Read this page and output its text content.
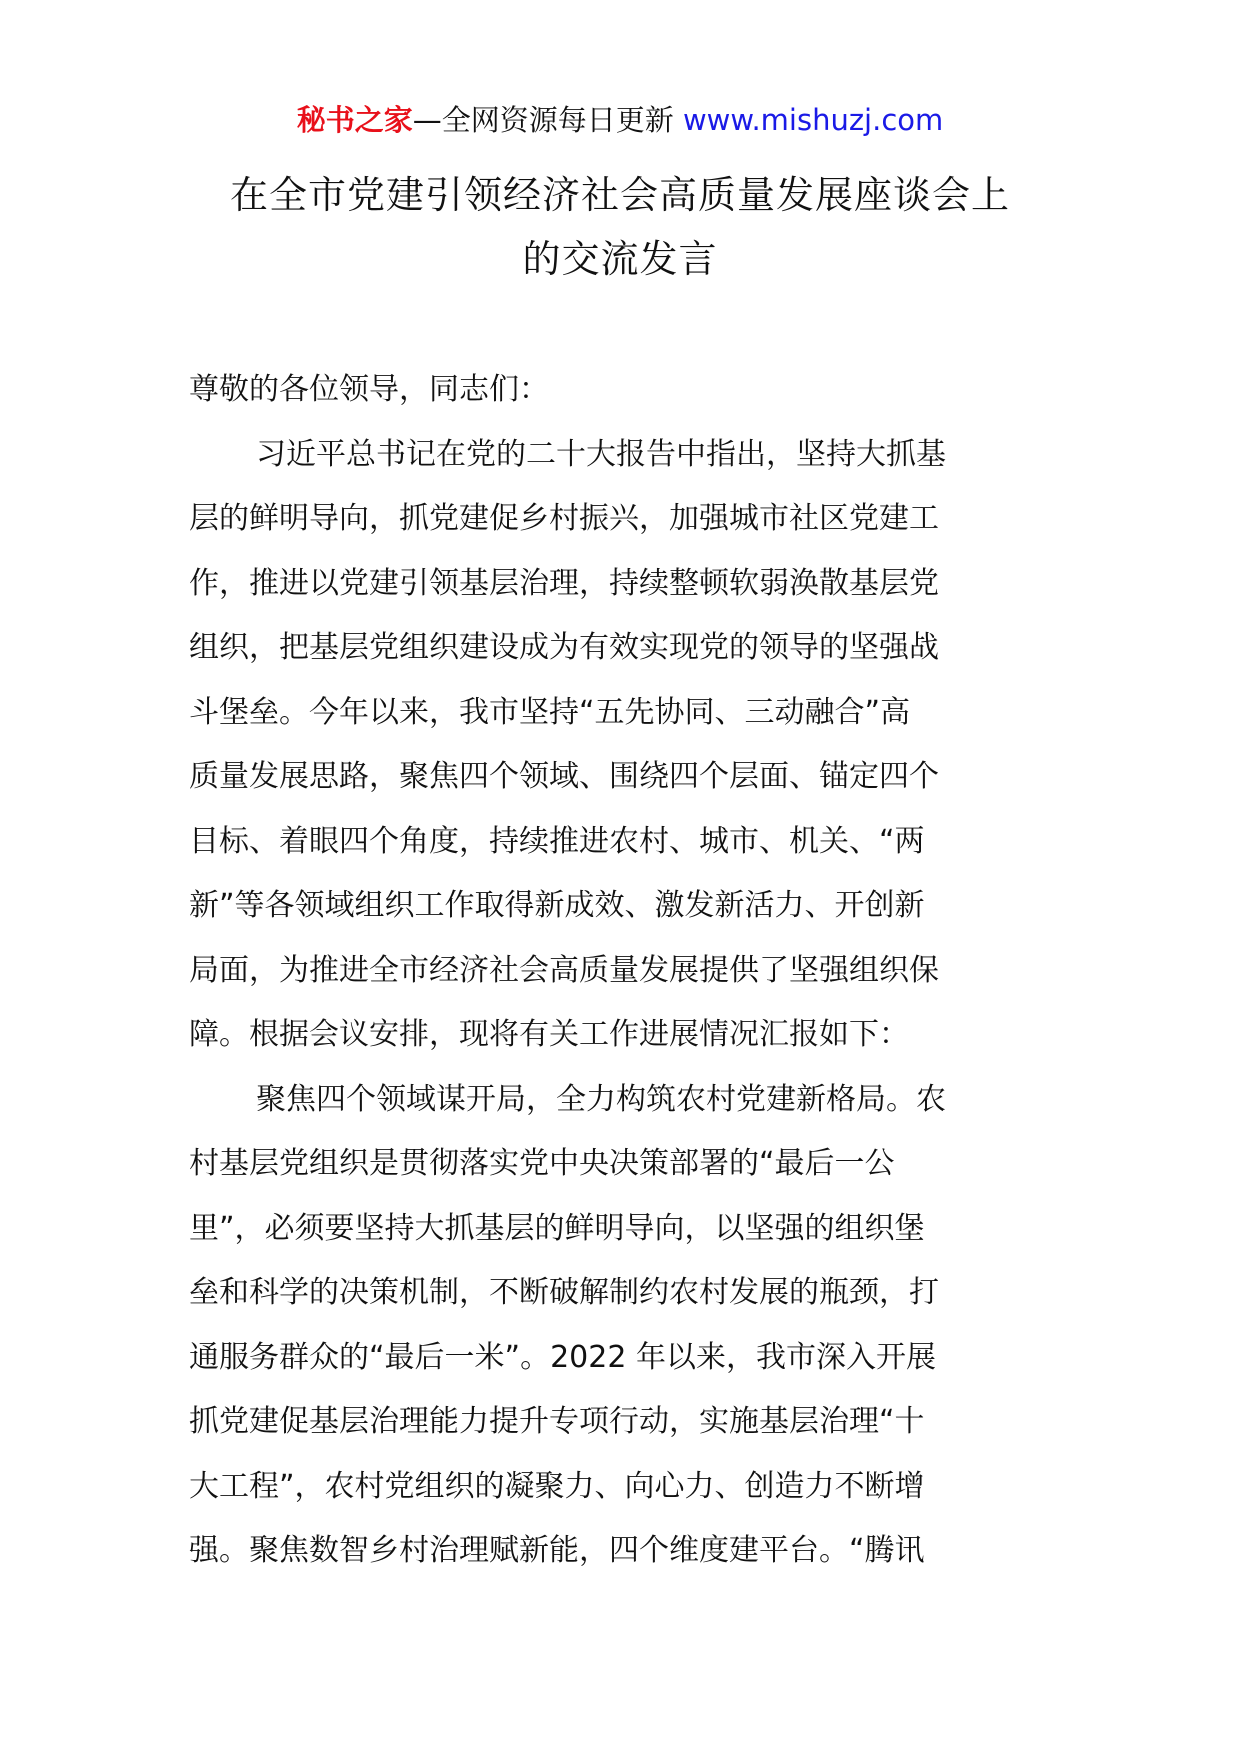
秘书之家—全网资源每日更新 www.mishuzj.com
在全市党建引领经济社会高质量发展座谈会上
的交流发言
尊敬的各位领导，同志们：
习近平总书记在党的二十大报告中指出，坚持大抓基
层的鲜明导向，抓党建促乡村振兴，加强城市社区党建工
作，推进以党建引领基层治理，持续整顿软弱涣散基层党
组织，把基层党组织建设成为有效实现党的领导的坚强战
斗堡垒。今年以来，我市坚持“五先协同、三动融合”高
质量发展思路，聚焦四个领域、围绕四个层面、锚定四个
目标、着眼四个角度，持续推进农村、城市、机关、“两
新”等各领域组织工作取得新成效、激发新活力、开创新
局面，为推进全市经济社会高质量发展提供了坚强组织保
障。根据会议安排，现将有关工作进展情况汇报如下：
聚焦四个领域谋开局，全力构筑农村党建新格局。农
村基层党组织是贯彻落实党中央决策部署的“最后一公
里”，必须要坚持大抓基层的鲜明导向，以坚强的组织堡
垒和科学的决策机制，不断破解制约农村发展的瓶颈，打
通服务群众的“最后一米”。2022 年以来，我市深入开展
抓党建促基层治理能力提升专项行动，实施基层治理“十
大工程”，农村党组织的凝聚力、向心力、创造力不断增
强。聚焦数智乡村治理赋新能，四个维度建平台。“腾讯
